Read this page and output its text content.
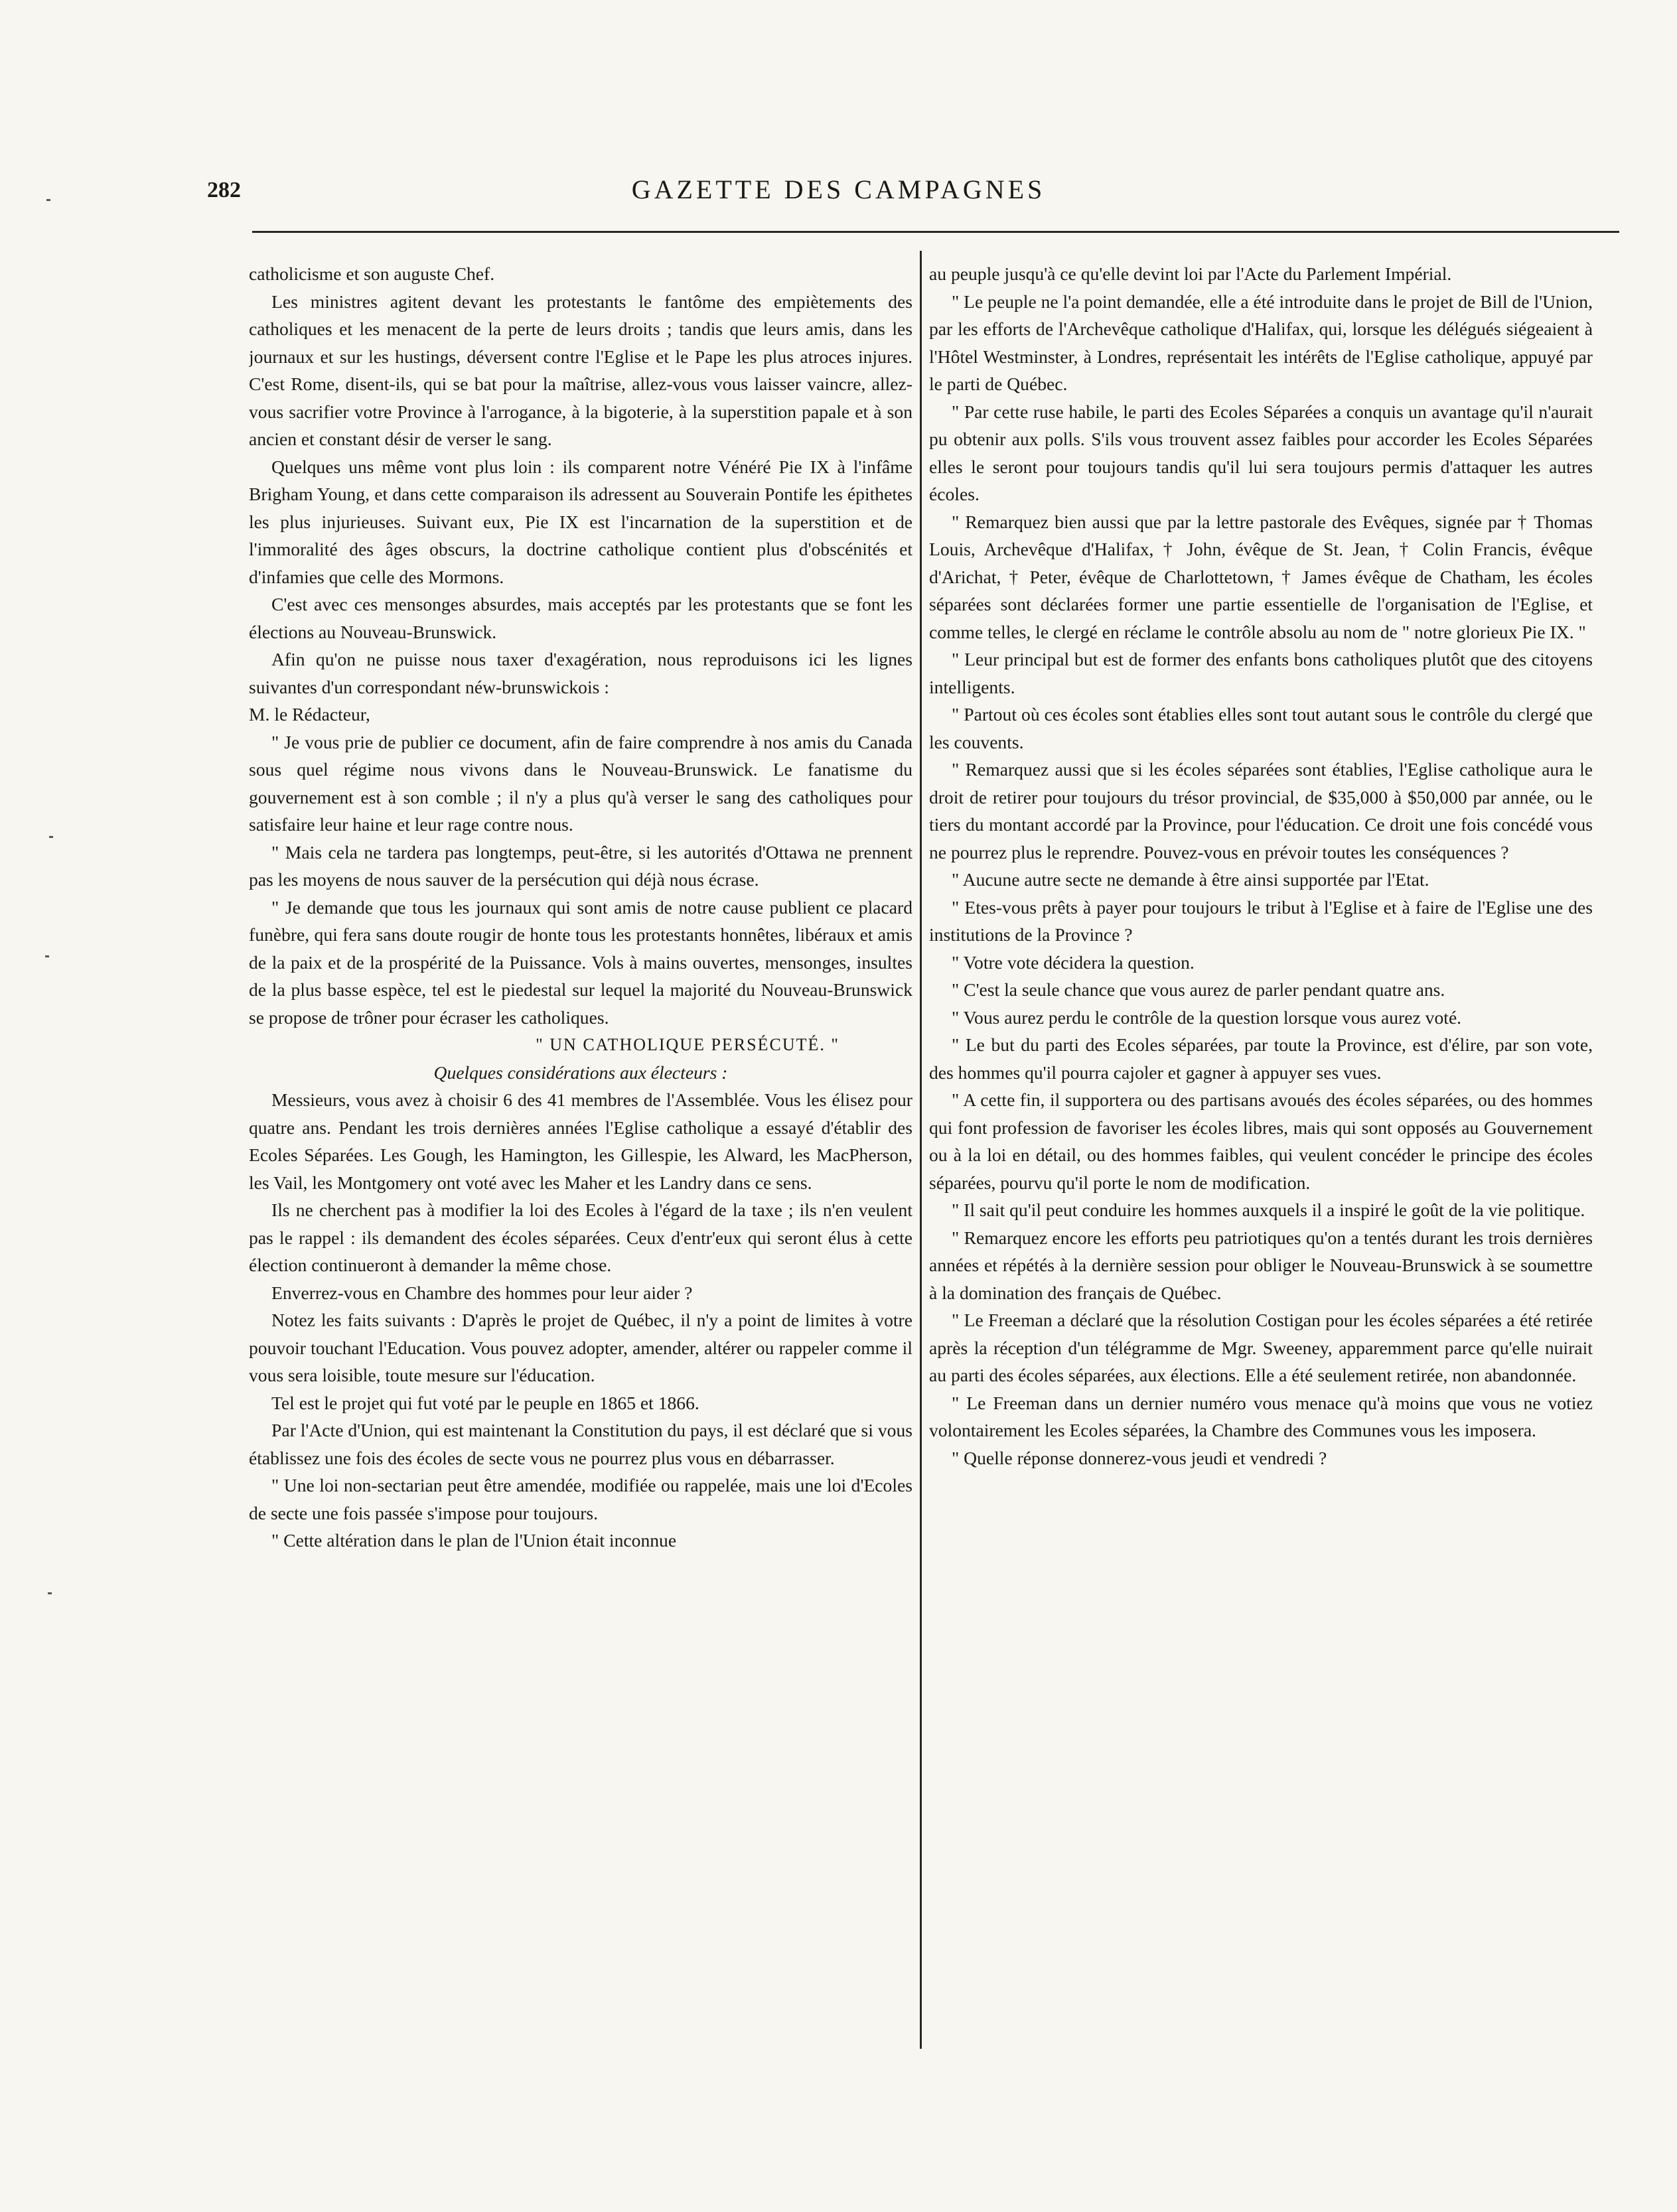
282	GAZETTE DES CAMPAGNES

catholicisme et son auguste Chef.

Les ministres agitent devant les protestants le fantôme des empiètements des catholiques et les menacent de la perte de leurs droits ; tandis que leurs amis, dans les journaux et sur les hustings, déversent contre l'Eglise et le Pape les plus atroces injures. C'est Rome, disent-ils, qui se bat pour la maîtrise, allez-vous vous laisser vaincre, allez-vous sacrifier votre Province à l'arrogance, à la bigoterie, à la superstition papale et à son ancien et constant désir de verser le sang.

Quelques uns même vont plus loin : ils comparent notre Vénéré Pie IX à l'infâme Brigham Young, et dans cette comparaison ils adressent au Souverain Pontife les épithetes les plus injurieuses. Suivant eux, Pie IX est l'incarnation de la superstition et de l'immoralité des âges obscurs, la doctrine catholique contient plus d'obscénités et d'infamies que celle des Mormons.

C'est avec ces mensonges absurdes, mais acceptés par les protestants que se font les élections au Nouveau-Brunswick.

Afin qu'on ne puisse nous taxer d'exagération, nous reproduisons ici les lignes suivantes d'un correspondant néw-brunswickois :

M. le Rédacteur,

" Je vous prie de publier ce document, afin de faire comprendre à nos amis du Canada sous quel régime nous vivons dans le Nouveau-Brunswick. Le fanatisme du gouvernement est à son comble ; il n'y a plus qu'à verser le sang des catholiques pour satisfaire leur haine et leur rage contre nous.

" Mais cela ne tardera pas longtemps, peut-être, si les autorités d'Ottawa ne prennent pas les moyens de nous sauver de la persécution qui déjà nous écrase.

" Je demande que tous les journaux qui sont amis de notre cause publient ce placard funèbre, qui fera sans doute rougir de honte tous les protestants honnêtes, libéraux et amis de la paix et de la prospérité de la Puissance. Vols à mains ouvertes, mensonges, insultes de la plus basse espèce, tel est le piedestal sur lequel la majorité du Nouveau-Brunswick se propose de trôner pour écraser les catholiques.

" UN CATHOLIQUE PERSÉCUTÉ. "

Quelques considérations aux électeurs :

Messieurs, vous avez à choisir 6 des 41 membres de l'Assemblée. Vous les élisez pour quatre ans. Pendant les trois dernières années l'Eglise catholique a essayé d'établir des Ecoles Séparées. Les Gough, les Hamington, les Gillespie, les Alward, les MacPherson, les Vail, les Montgomery ont voté avec les Maher et les Landry dans ce sens.

Ils ne cherchent pas à modifier la loi des Ecoles à l'égard de la taxe ; ils n'en veulent pas le rappel : ils demandent des écoles séparées. Ceux d'entr'eux qui seront élus à cette élection continueront à demander la même chose.

Enverrez-vous en Chambre des hommes pour leur aider ?

Notez les faits suivants : D'après le projet de Québec, il n'y a point de limites à votre pouvoir touchant l'Education. Vous pouvez adopter, amender, altérer ou rappeler comme il vous sera loisible, toute mesure sur l'éducation.

Tel est le projet qui fut voté par le peuple en 1865 et 1866.

Par l'Acte d'Union, qui est maintenant la Constitution du pays, il est déclaré que si vous établissez une fois des écoles de secte vous ne pourrez plus vous en débarrasser.

" Une loi non-sectarian peut être amendée, modifiée ou rappelée, mais une loi d'Ecoles de secte une fois passée s'impose pour toujours.

" Cette altération dans le plan de l'Union était inconnue

au peuple jusqu'à ce qu'elle devint loi par l'Acte du Parlement Impérial.

" Le peuple ne l'a point demandée, elle a été introduite dans le projet de Bill de l'Union, par les efforts de l'Archevêque catholique d'Halifax, qui, lorsque les délégués siégeaient à l'Hôtel Westminster, à Londres, représentait les intérêts de l'Eglise catholique, appuyé par le parti de Québec.

" Par cette ruse habile, le parti des Ecoles Séparées a conquis un avantage qu'il n'aurait pu obtenir aux polls. S'ils vous trouvent assez faibles pour accorder les Ecoles Séparées elles le seront pour toujours tandis qu'il lui sera toujours permis d'attaquer les autres écoles.

" Remarquez bien aussi que par la lettre pastorale des Evêques, signée par † Thomas Louis, Archevêque d'Halifax, † John, évêque de St. Jean, † Colin Francis, évêque d'Arichat, † Peter, évêque de Charlottetown, † James évêque de Chatham, les écoles séparées sont déclarées former une partie essentielle de l'organisation de l'Eglise, et comme telles, le clergé en réclame le contrôle absolu au nom de " notre glorieux Pie IX. "

" Leur principal but est de former des enfants bons catholiques plutôt que des citoyens intelligents.

" Partout où ces écoles sont établies elles sont tout autant sous le contrôle du clergé que les couvents.

" Remarquez aussi que si les écoles séparées sont établies, l'Eglise catholique aura le droit de retirer pour toujours du trésor provincial, de $35,000 à $50,000 par année, ou le tiers du montant accordé par la Province, pour l'éducation. Ce droit une fois concédé vous ne pourrez plus le reprendre. Pouvez-vous en prévoir toutes les conséquences ?

" Aucune autre secte ne demande à être ainsi supportée par l'Etat.

" Etes-vous prêts à payer pour toujours le tribut à l'Eglise et à faire de l'Eglise une des institutions de la Province ?

" Votre vote décidera la question.

" C'est la seule chance que vous aurez de parler pendant quatre ans.

" Vous aurez perdu le contrôle de la question lorsque vous aurez voté.

" Le but du parti des Ecoles séparées, par toute la Province, est d'élire, par son vote, des hommes qu'il pourra cajoler et gagner à appuyer ses vues.

" A cette fin, il supportera ou des partisans avoués des écoles séparées, ou des hommes qui font profession de favoriser les écoles libres, mais qui sont opposés au Gouvernement ou à la loi en détail, ou des hommes faibles, qui veulent concéder le principe des écoles séparées, pourvu qu'il porte le nom de modification.

" Il sait qu'il peut conduire les hommes auxquels il a inspiré le goût de la vie politique.

" Remarquez encore les efforts peu patriotiques qu'on a tentés durant les trois dernières années et répétés à la dernière session pour obliger le Nouveau-Brunswick à se soumettre à la domination des français de Québec.

" Le Freeman a déclaré que la résolution Costigan pour les écoles séparées a été retirée après la réception d'un télégramme de Mgr. Sweeney, apparemment parce qu'elle nuirait au parti des écoles séparées, aux élections. Elle a été seulement retirée, non abandonnée.

" Le Freeman dans un dernier numéro vous menace qu'à moins que vous ne votiez volontairement les Ecoles séparées, la Chambre des Communes vous les imposera.

" Quelle réponse donnerez-vous jeudi et vendredi ?
